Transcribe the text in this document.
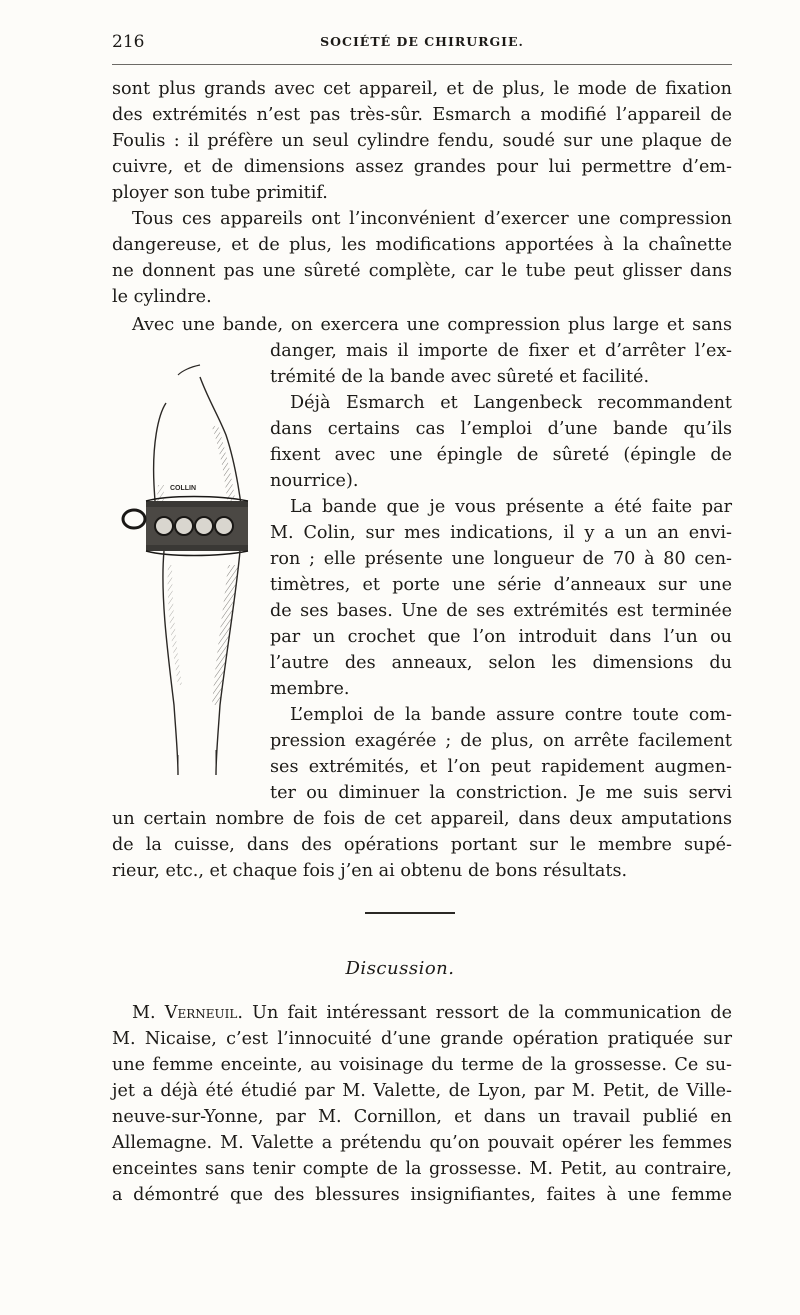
216	SOCIÉTÉ DE CHIRURGIE.
sont plus grands avec cet appareil, et de plus, le mode de fixation
des extrémités n’est pas très-sûr. Esmarch a modifié l’appareil de
Foulis : il préfère un seul cylindre fendu, soudé sur une plaque de
cuivre, et de dimensions assez grandes pour lui permettre d’em-
ployer son tube primitif.
Tous ces appareils ont l’inconvénient d’exercer une compression
dangereuse, et de plus, les modifications apportées à la chaînette
ne donnent pas une sûreté complète, car le tube peut glisser dans
le cylindre.
Avec une bande, on exercera une compression plus large et sans
danger, mais il importe de fixer et d’arrêter l’ex-
trémité de la bande avec sûreté et facilité.
Déjà Esmarch et Langenbeck recommandent
dans certains cas l’emploi d’une bande qu’ils
fixent avec une épingle de sûreté (épingle de
nourrice).
La bande que je vous présente a été faite par
M. Colin, sur mes indications, il y a un an envi-
ron ; elle présente une longueur de 70 à 80 cen-
timètres, et porte une série d’anneaux sur une
de ses bases. Une de ses extrémités est terminée
par un crochet que l’on introduit dans l’un ou
l’autre des anneaux, selon les dimensions du
membre.
L’emploi de la bande assure contre toute com-
pression exagérée ; de plus, on arrête facilement
ses extrémités, et l’on peut rapidement augmen-
ter ou diminuer la constriction. Je me suis servi
un certain nombre de fois de cet appareil, dans deux amputations
de la cuisse, dans des opérations portant sur le membre supé-
rieur, etc., et chaque fois j’en ai obtenu de bons résultats.
COLLIN
Discussion.
M. Verneuil. Un fait intéressant ressort de la communication de
M. Nicaise, c’est l’innocuité d’une grande opération pratiquée sur
une femme enceinte, au voisinage du terme de la grossesse. Ce su-
jet a déjà été étudié par M. Valette, de Lyon, par M. Petit, de Ville-
neuve-sur-Yonne, par M. Cornillon, et dans un travail publié en
Allemagne. M. Valette a prétendu qu’on pouvait opérer les femmes
enceintes sans tenir compte de la grossesse. M. Petit, au contraire,
a démontré que des blessures insignifiantes, faites à une femme
